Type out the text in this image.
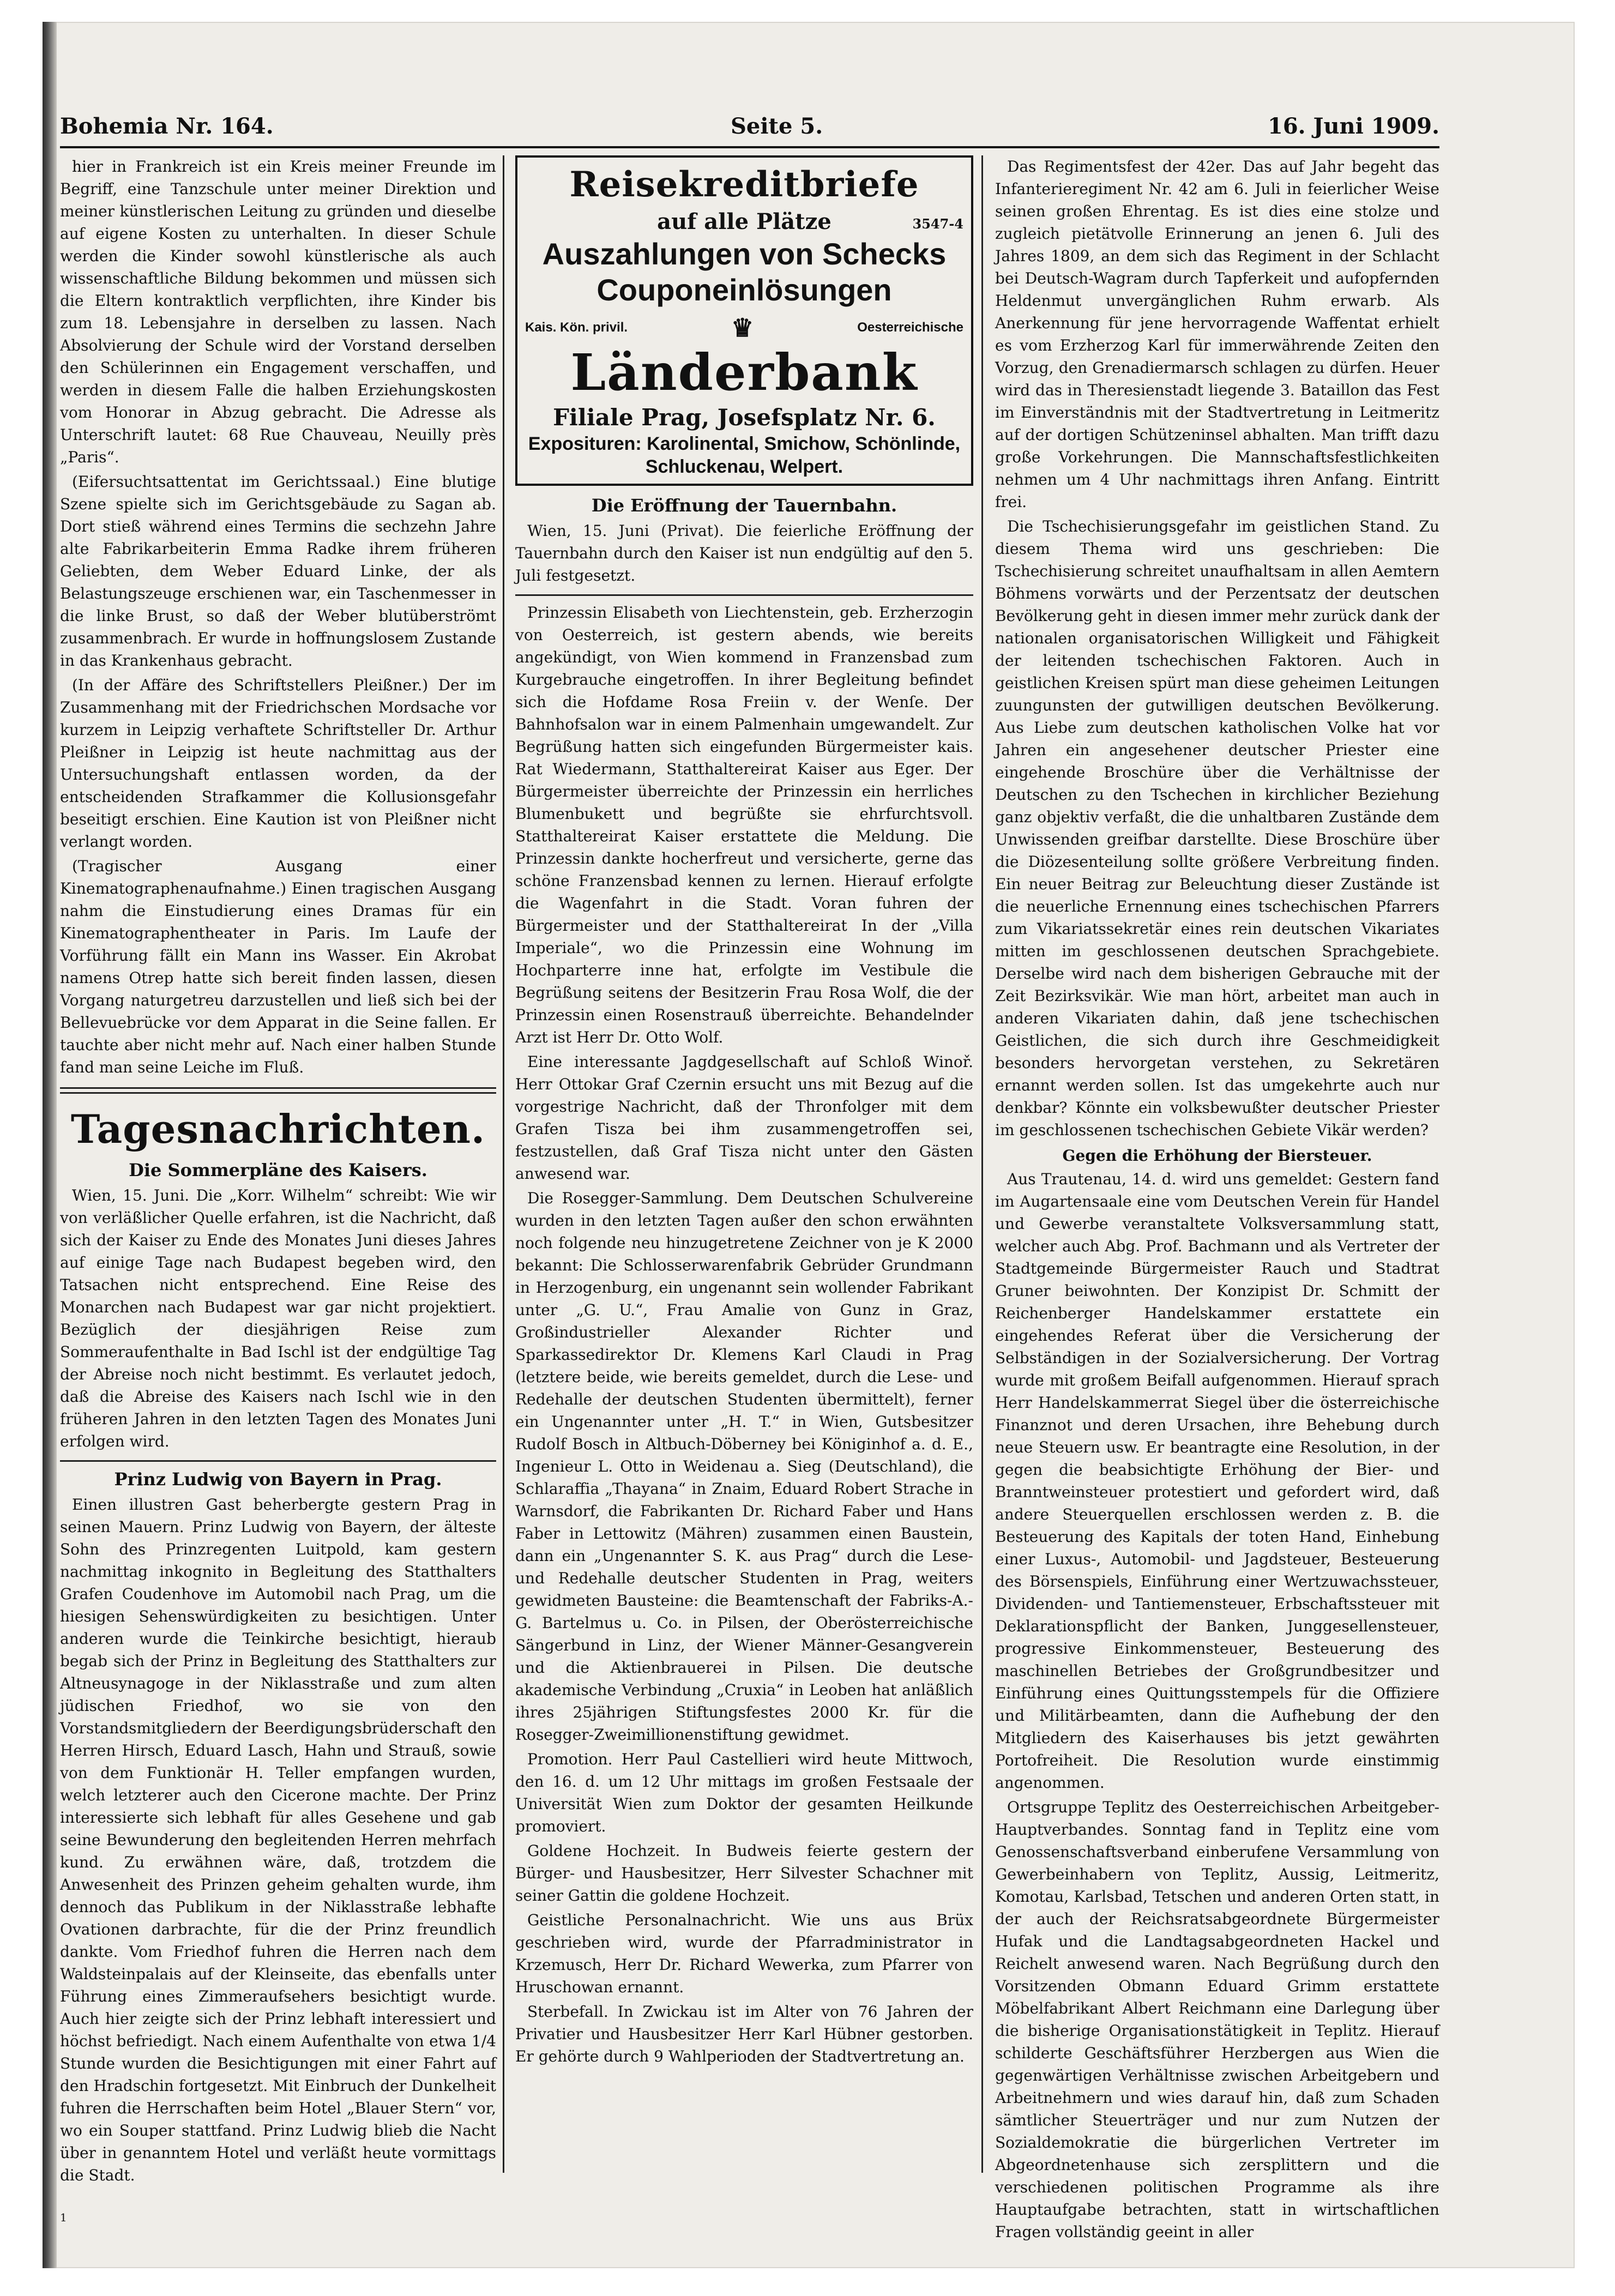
Bohemia Nr. 164.	Seite 5.	16. Juni 1909.

hier in Frankreich ist ein Kreis meiner Freunde im Begriff, eine Tanzschule unter meiner Direktion und meiner künstlerischen Leitung zu gründen und dieselbe auf eigene Kosten zu unterhalten. In dieser Schule werden die Kinder sowohl künstlerische als auch wissenschaftliche Bildung bekommen und müssen sich die Eltern kontraktlich verpflichten, ihre Kinder bis zum 18. Lebensjahre in derselben zu lassen. Nach Absolvierung der Schule wird der Vorstand derselben den Schülerinnen ein Engagement verschaffen, und werden in diesem Falle die halben Erziehungskosten vom Honorar in Abzug gebracht. Die Adresse als Unterschrift lautet: 68 Rue Chauveau, Neuilly près „Paris“.

(Eifersuchtsattentat im Gerichtssaal.) Eine blutige Szene spielte sich im Gerichtsgebäude zu Sagan ab. Dort stieß während eines Termins die sechzehn Jahre alte Fabrikarbeiterin Emma Radke ihrem früheren Geliebten, dem Weber Eduard Linke, der als Belastungszeuge erschienen war, ein Taschenmesser in die linke Brust, so daß der Weber blutüberströmt zusammenbrach. Er wurde in hoffnungslosem Zustande in das Krankenhaus gebracht.

(In der Affäre des Schriftstellers Pleißner.) Der im Zusammenhang mit der Friedrichschen Mordsache vor kurzem in Leipzig verhaftete Schriftsteller Dr. Arthur Pleißner in Leipzig ist heute nachmittag aus der Untersuchungshaft entlassen worden, da der entscheidenden Strafkammer die Kollusionsgefahr beseitigt erschien. Eine Kaution ist von Pleißner nicht verlangt worden.

(Tragischer Ausgang einer Kinematographenaufnahme.) Einen tragischen Ausgang nahm die Einstudierung eines Dramas für ein Kinematographentheater in Paris. Im Laufe der Vorführung fällt ein Mann ins Wasser. Ein Akrobat namens Otrep hatte sich bereit finden lassen, diesen Vorgang naturgetreu darzustellen und ließ sich bei der Bellevuebrücke vor dem Apparat in die Seine fallen. Er tauchte aber nicht mehr auf. Nach einer halben Stunde fand man seine Leiche im Fluß.

Tagesnachrichten.
Die Sommerpläne des Kaisers.

Wien, 15. Juni. Die „Korr. Wilhelm“ schreibt: Wie wir von verläßlicher Quelle erfahren, ist die Nachricht, daß sich der Kaiser zu Ende des Monates Juni dieses Jahres auf einige Tage nach Budapest begeben wird, den Tatsachen nicht entsprechend. Eine Reise des Monarchen nach Budapest war gar nicht projektiert. Bezüglich der diesjährigen Reise zum Sommeraufenthalte in Bad Ischl ist der endgültige Tag der Abreise noch nicht bestimmt. Es verlautet jedoch, daß die Abreise des Kaisers nach Ischl wie in den früheren Jahren in den letzten Tagen des Monates Juni erfolgen wird.

Prinz Ludwig von Bayern in Prag.

Einen illustren Gast beherbergte gestern Prag in seinen Mauern. Prinz Ludwig von Bayern, der älteste Sohn des Prinzregenten Luitpold, kam gestern nachmittag inkognito in Begleitung des Statthalters Grafen Coudenhove im Automobil nach Prag, um die hiesigen Sehenswürdigkeiten zu besichtigen. Unter anderen wurde die Teinkirche besichtigt, hieraub begab sich der Prinz in Begleitung des Statthalters zur Altneusynagoge in der Niklasstraße und zum alten jüdischen Friedhof, wo sie von den Vorstandsmitgliedern der Beerdigungsbrüderschaft den Herren Hirsch, Eduard Lasch, Hahn und Strauß, sowie von dem Funktionär H. Teller empfangen wurden, welch letzterer auch den Cicerone machte. Der Prinz interessierte sich lebhaft für alles Gesehene und gab seine Bewunderung den begleitenden Herren mehrfach kund. Zu erwähnen wäre, daß, trotzdem die Anwesenheit des Prinzen geheim gehalten wurde, ihm dennoch das Publikum in der Niklasstraße lebhafte Ovationen darbrachte, für die der Prinz freundlich dankte. Vom Friedhof fuhren die Herren nach dem Waldsteinpalais auf der Kleinseite, das ebenfalls unter Führung eines Zimmeraufsehers besichtigt wurde. Auch hier zeigte sich der Prinz lebhaft interessiert und höchst befriedigt. Nach einem Aufenthalte von etwa 1/4 Stunde wurden die Besichtigungen mit einer Fahrt auf den Hradschin fortgesetzt. Mit Einbruch der Dunkelheit fuhren die Herrschaften beim Hotel „Blauer Stern“ vor, wo ein Souper stattfand. Prinz Ludwig blieb die Nacht über in genanntem Hotel und verläßt heute vormittags die Stadt.

Reisekreditbriefe
auf alle Plätze	3547-4
Auszahlungen von Schecks
Couponeinlösungen
Kais. Kön. privil.	♛	Oesterreichische
Länderbank
Filiale Prag, Josefsplatz Nr. 6.
Exposituren: Karolinental, Smichow, Schönlinde,
Schluckenau, Welpert.
Die Eröffnung der Tauernbahn.

Wien, 15. Juni (Privat). Die feierliche Eröffnung der Tauernbahn durch den Kaiser ist nun endgültig auf den 5. Juli festgesetzt.

Prinzessin Elisabeth von Liechtenstein, geb. Erzherzogin von Oesterreich, ist gestern abends, wie bereits angekündigt, von Wien kommend in Franzensbad zum Kurgebrauche eingetroffen. In ihrer Begleitung befindet sich die Hofdame Rosa Freiin v. der Wenſe. Der Bahnhofsalon war in einem Palmenhain umgewandelt. Zur Begrüßung hatten sich eingefunden Bürgermeister kais. Rat Wiedermann, Statthaltereirat Kaiser aus Eger. Der Bürgermeister überreichte der Prinzessin ein herrliches Blumenbukett und begrüßte sie ehrfurchtsvoll. Statthaltereirat Kaiser erstattete die Meldung. Die Prinzessin dankte hocherfreut und versicherte, gerne das schöne Franzensbad kennen zu lernen. Hierauf erfolgte die Wagenfahrt in die Stadt. Voran fuhren der Bürgermeister und der Statthaltereirat In der „Villa Imperiale“, wo die Prinzessin eine Wohnung im Hochparterre inne hat, erfolgte im Vestibule die Begrüßung seitens der Besitzerin Frau Rosa Wolf, die der Prinzessin einen Rosenstrauß überreichte. Behandelnder Arzt ist Herr Dr. Otto Wolf.

Eine interessante Jagdgesellschaft auf Schloß Winoř. Herr Ottokar Graf Czernin ersucht uns mit Bezug auf die vorgestrige Nachricht, daß der Thronfolger mit dem Grafen Tisza bei ihm zusammengetroffen sei, festzustellen, daß Graf Tisza nicht unter den Gästen anwesend war.

Die Rosegger-Sammlung. Dem Deutschen Schulvereine wurden in den letzten Tagen außer den schon erwähnten noch folgende neu hinzugetretene Zeichner von je K 2000 bekannt: Die Schlosserwarenfabrik Gebrüder Grundmann in Herzogenburg, ein ungenannt sein wollender Fabrikant unter „G. U.“, Frau Amalie von Gunz in Graz, Großindustrieller Alexander Richter und Sparkassedirektor Dr. Klemens Karl Claudi in Prag (letztere beide, wie bereits gemeldet, durch die Lese- und Redehalle der deutschen Studenten übermittelt), ferner ein Ungenannter unter „H. T.“ in Wien, Gutsbesitzer Rudolf Bosch in Altbuch-Döberney bei Königinhof a. d. E., Ingenieur L. Otto in Weidenau a. Sieg (Deutschland), die Schlaraffia „Thayana“ in Znaim, Eduard Robert Strache in Warnsdorf, die Fabrikanten Dr. Richard Faber und Hans Faber in Lettowitz (Mähren) zusammen einen Baustein, dann ein „Ungenannter S. K. aus Prag“ durch die Lese- und Redehalle deutscher Studenten in Prag, weiters gewidmeten Bausteine: die Beamtenschaft der Fabriks-A.-G. Bartelmus u. Co. in Pilsen, der Oberösterreichische Sängerbund in Linz, der Wiener Männer-Gesangverein und die Aktienbrauerei in Pilsen. Die deutsche akademische Verbindung „Cruxia“ in Leoben hat anläßlich ihres 25jährigen Stiftungsfestes 2000 Kr. für die Rosegger-Zweimillionenstiftung gewidmet.

Promotion. Herr Paul Castellieri wird heute Mittwoch, den 16. d. um 12 Uhr mittags im großen Festsaale der Universität Wien zum Doktor der gesamten Heilkunde promoviert.

Goldene Hochzeit. In Budweis feierte gestern der Bürger- und Hausbesitzer, Herr Silvester Schachner mit seiner Gattin die goldene Hochzeit.

Geistliche Personalnachricht. Wie uns aus Brüx geschrieben wird, wurde der Pfarradministrator in Krzemusch, Herr Dr. Richard Wewerka, zum Pfarrer von Hruschowan ernannt.

Sterbefall. In Zwickau ist im Alter von 76 Jahren der Privatier und Hausbesitzer Herr Karl Hübner gestorben. Er gehörte durch 9 Wahlperioden der Stadtvertretung an.

Das Regimentsfest der 42er. Das auf Jahr begeht das Infanterieregiment Nr. 42 am 6. Juli in feierlicher Weise seinen großen Ehrentag. Es ist dies eine stolze und zugleich pietätvolle Erinnerung an jenen 6. Juli des Jahres 1809, an dem sich das Regiment in der Schlacht bei Deutsch-Wagram durch Tapferkeit und aufopfernden Heldenmut unvergänglichen Ruhm erwarb. Als Anerkennung für jene hervorragende Waffentat erhielt es vom Erzherzog Karl für immerwährende Zeiten den Vorzug, den Grenadiermarsch schlagen zu dürfen. Heuer wird das in Theresienstadt liegende 3. Bataillon das Fest im Einverständnis mit der Stadtvertretung in Leitmeritz auf der dortigen Schützeninsel abhalten. Man trifft dazu große Vorkehrungen. Die Mannschaftsfestlichkeiten nehmen um 4 Uhr nachmittags ihren Anfang. Eintritt frei.

Die Tschechisierungsgefahr im geistlichen Stand. Zu diesem Thema wird uns geschrieben: Die Tschechisierung schreitet unaufhaltsam in allen Aemtern Böhmens vorwärts und der Perzentsatz der deutschen Bevölkerung geht in diesen immer mehr zurück dank der nationalen organisatorischen Willigkeit und Fähigkeit der leitenden tschechischen Faktoren. Auch in geistlichen Kreisen spürt man diese geheimen Leitungen zuungunsten der gutwilligen deutschen Bevölkerung. Aus Liebe zum deutschen katholischen Volke hat vor Jahren ein angesehener deutscher Priester eine eingehende Broschüre über die Verhältnisse der Deutschen zu den Tschechen in kirchlicher Beziehung ganz objektiv verfaßt, die die unhaltbaren Zustände dem Unwissenden greifbar darstellte. Diese Broschüre über die Diözesenteilung sollte größere Verbreitung finden. Ein neuer Beitrag zur Beleuchtung dieser Zustände ist die neuerliche Ernennung eines tschechischen Pfarrers zum Vikariatssekretär eines rein deutschen Vikariates mitten im geschlossenen deutschen Sprachgebiete. Derselbe wird nach dem bisherigen Gebrauche mit der Zeit Bezirksvikär. Wie man hört, arbeitet man auch in anderen Vikariaten dahin, daß jene tschechischen Geistlichen, die sich durch ihre Geschmeidigkeit besonders hervorgetan verstehen, zu Sekretären ernannt werden sollen. Ist das umgekehrte auch nur denkbar? Könnte ein volksbewußter deutscher Priester im geschlossenen tschechischen Gebiete Vikär werden?

Gegen die Erhöhung der Biersteuer.

Aus Trautenau, 14. d. wird uns gemeldet: Gestern fand im Augartensaale eine vom Deutschen Verein für Handel und Gewerbe veranstaltete Volksversammlung statt, welcher auch Abg. Prof. Bachmann und als Vertreter der Stadtgemeinde Bürgermeister Rauch und Stadtrat Gruner beiwohnten. Der Konzipist Dr. Schmitt der Reichenberger Handelskammer erstattete ein eingehendes Referat über die Versicherung der Selbständigen in der Sozialversicherung. Der Vortrag wurde mit großem Beifall aufgenommen. Hierauf sprach Herr Handelskammerrat Siegel über die österreichische Finanznot und deren Ursachen, ihre Behebung durch neue Steuern usw. Er beantragte eine Resolution, in der gegen die beabsichtigte Erhöhung der Bier- und Branntweinsteuer protestiert und gefordert wird, daß andere Steuerquellen erschlossen werden z. B. die Besteuerung des Kapitals der toten Hand, Einhebung einer Luxus-, Automobil- und Jagdsteuer, Besteuerung des Börsenspiels, Einführung einer Wertzuwachssteuer, Dividenden- und Tantiemensteuer, Erbschaftssteuer mit Deklarationspflicht der Banken, Junggesellensteuer, progressive Einkommensteuer, Besteuerung des maschinellen Betriebes der Großgrundbesitzer und Einführung eines Quittungsstempels für die Offiziere und Militärbeamten, dann die Aufhebung der den Mitgliedern des Kaiserhauses bis jetzt gewährten Portofreiheit. Die Resolution wurde einstimmig angenommen.

Ortsgruppe Teplitz des Oesterreichischen Arbeitgeber-Hauptverbandes. Sonntag fand in Teplitz eine vom Genossenschaftsverband einberufene Versammlung von Gewerbeinhabern von Teplitz, Aussig, Leitmeritz, Komotau, Karlsbad, Tetschen und anderen Orten statt, in der auch der Reichsratsabgeordnete Bürgermeister Hufak und die Landtagsabgeordneten Hackel und Reichelt anwesend waren. Nach Begrüßung durch den Vorsitzenden Obmann Eduard Grimm erstattete Möbelfabrikant Albert Reichmann eine Darlegung über die bisherige Organisationstätigkeit in Teplitz. Hierauf schilderte Geschäftsführer Herzbergen aus Wien die gegenwärtigen Verhältnisse zwischen Arbeitgebern und Arbeitnehmern und wies darauf hin, daß zum Schaden sämtlicher Steuerträger und nur zum Nutzen der Sozialdemokratie die bürgerlichen Vertreter im Abgeordnetenhause sich zersplittern und die verschiedenen politischen Programme als ihre Hauptaufgabe betrachten, statt in wirtschaftlichen Fragen vollständig geeint in aller

1
